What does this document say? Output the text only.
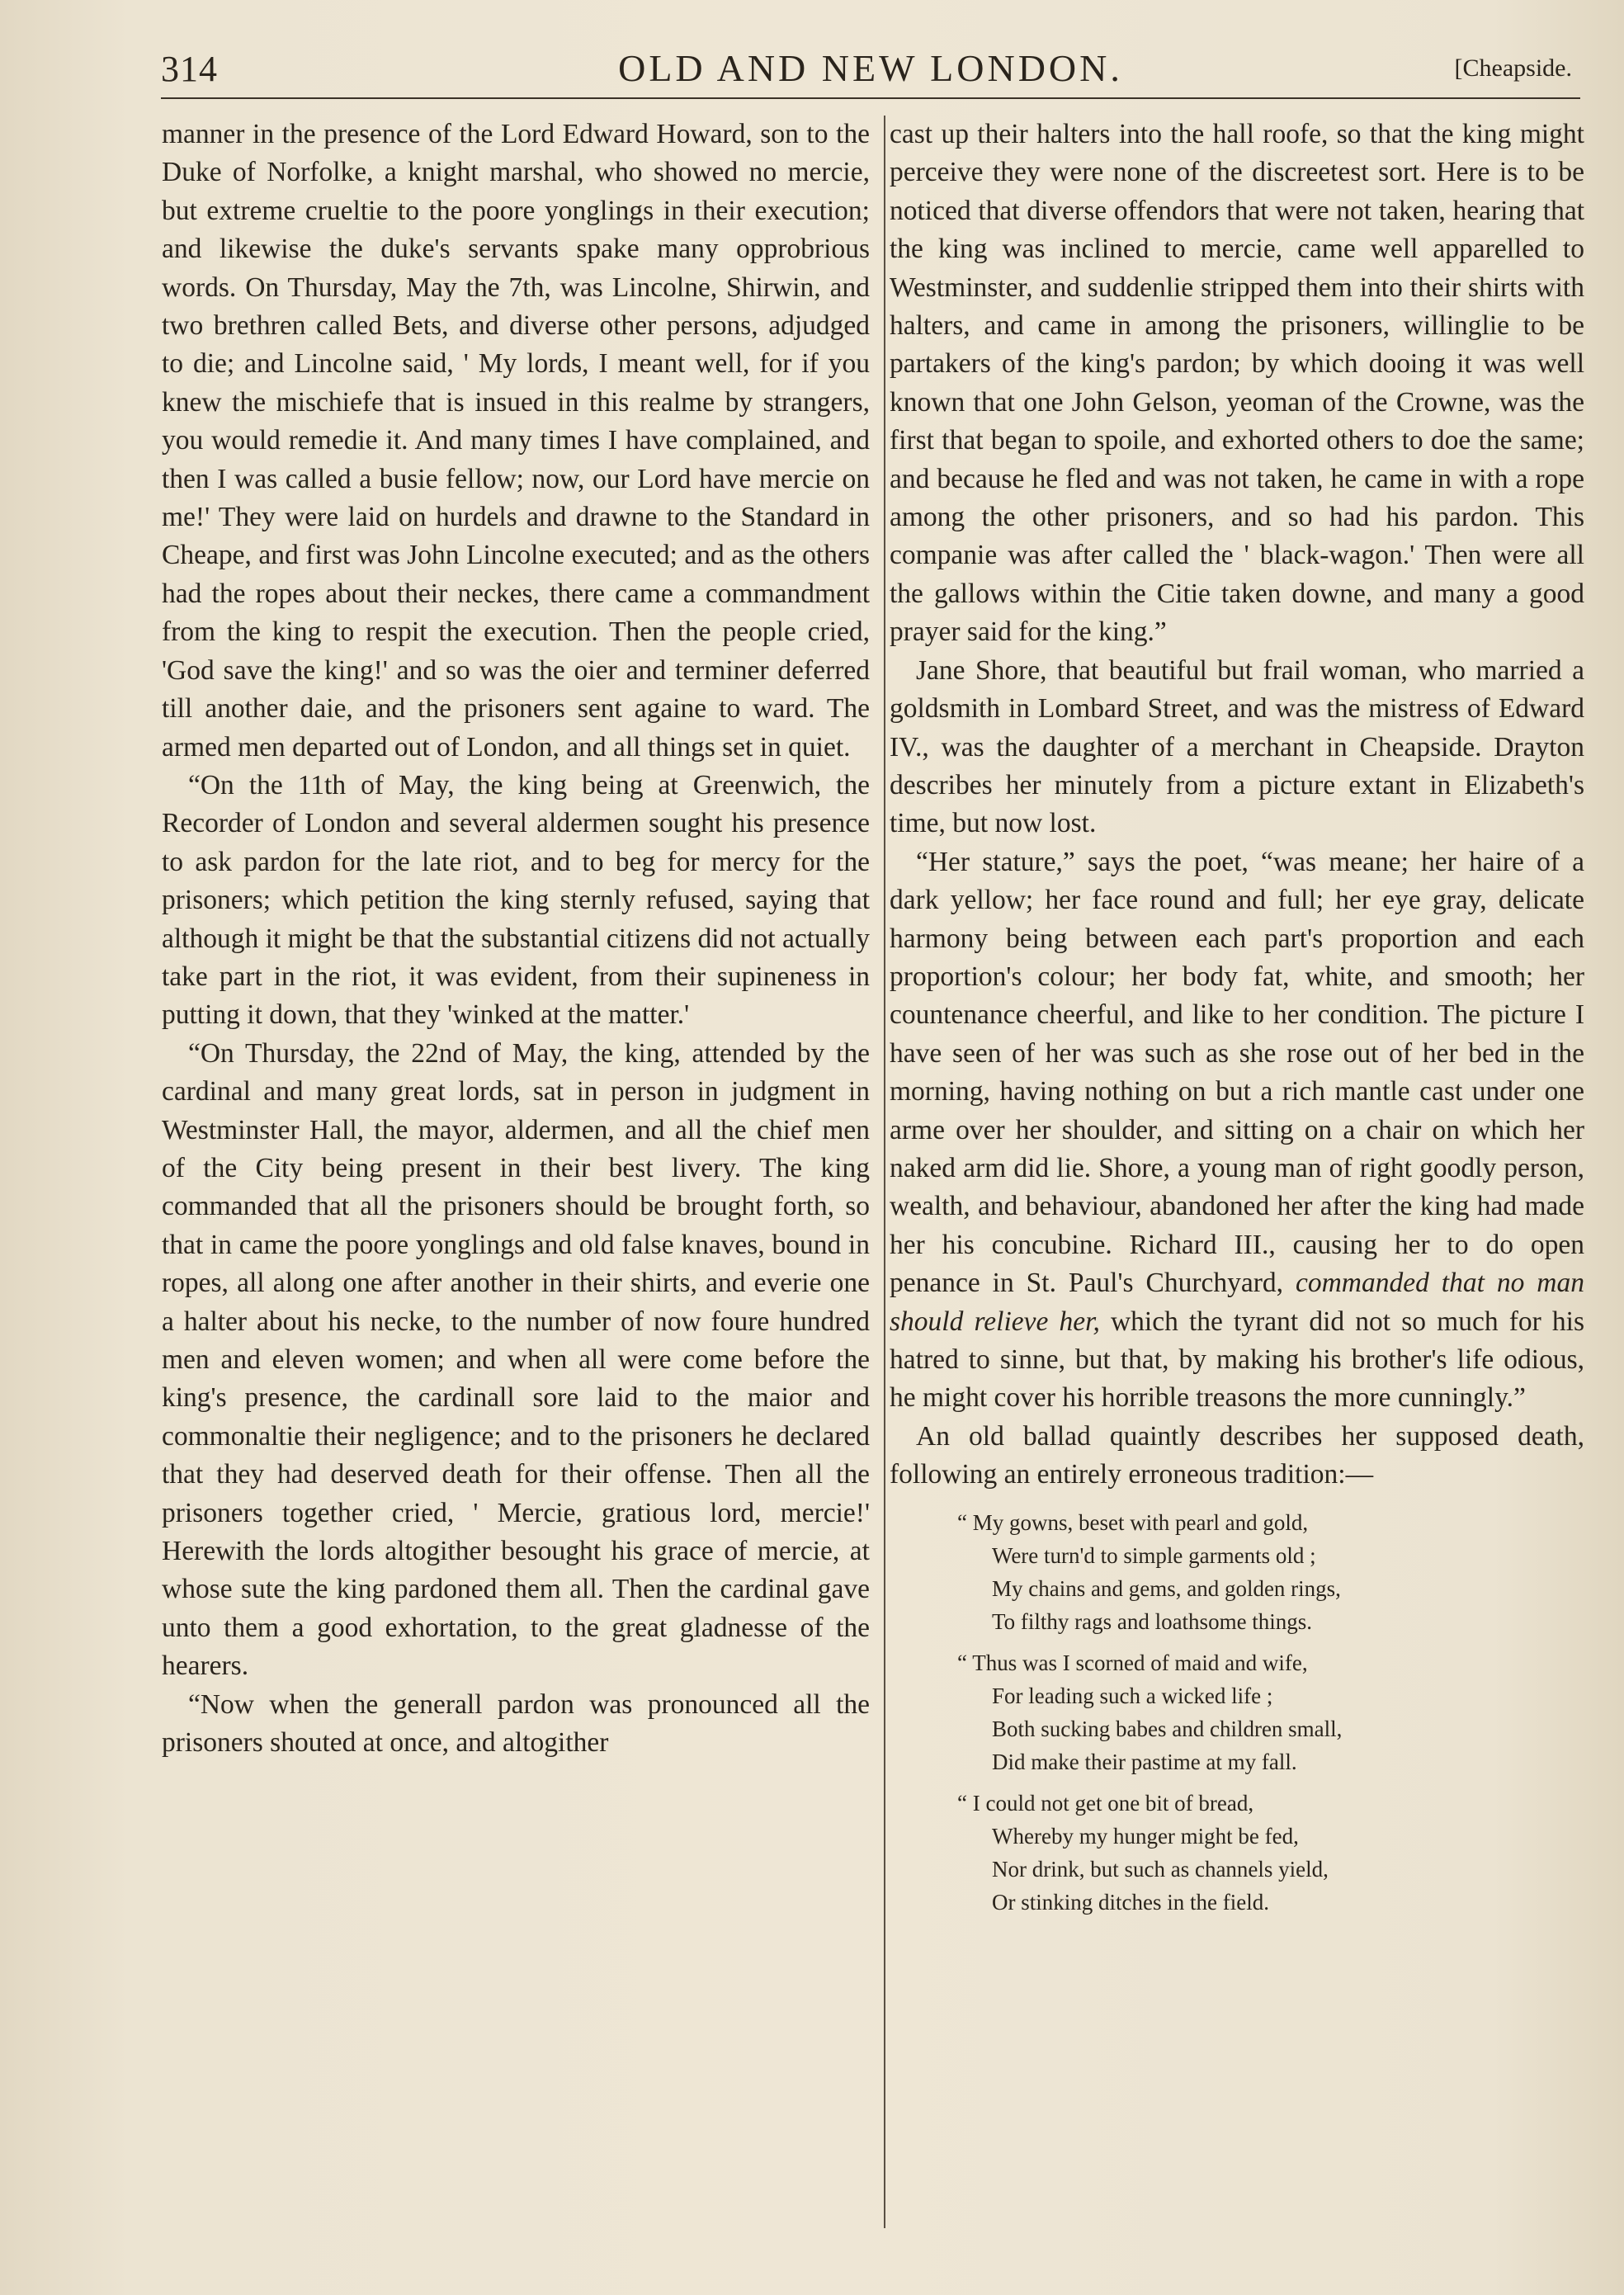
314	OLD AND NEW LONDON.	[Cheapside.

manner in the presence of the Lord Edward Howard, son to the Duke of Norfolke, a knight marshal, who showed no mercie, but extreme crueltie to the poore yonglings in their execution; and likewise the duke's servants spake many opprobrious words. On Thursday, May the 7th, was Lincolne, Shirwin, and two brethren called Bets, and diverse other persons, adjudged to die; and Lincolne said, ' My lords, I meant well, for if you knew the mischiefe that is insued in this realme by strangers, you would remedie it. And many times I have complained, and then I was called a busie fellow; now, our Lord have mercie on me!' They were laid on hurdels and drawne to the Standard in Cheape, and first was John Lincolne executed; and as the others had the ropes about their neckes, there came a commandment from the king to respit the execution. Then the people cried, 'God save the king!' and so was the oier and terminer deferred till another daie, and the prisoners sent againe to ward. The armed men departed out of London, and all things set in quiet.

“On the 11th of May, the king being at Greenwich, the Recorder of London and several aldermen sought his presence to ask pardon for the late riot, and to beg for mercy for the prisoners; which petition the king sternly refused, saying that although it might be that the substantial citizens did not actually take part in the riot, it was evident, from their supineness in putting it down, that they 'winked at the matter.'

“On Thursday, the 22nd of May, the king, attended by the cardinal and many great lords, sat in person in judgment in Westminster Hall, the mayor, aldermen, and all the chief men of the City being present in their best livery. The king commanded that all the prisoners should be brought forth, so that in came the poore yonglings and old false knaves, bound in ropes, all along one after another in their shirts, and everie one a halter about his necke, to the number of now foure hundred men and eleven women; and when all were come before the king's presence, the cardinall sore laid to the maior and commonaltie their negligence; and to the prisoners he declared that they had deserved death for their offense. Then all the prisoners together cried, ' Mercie, gratious lord, mercie!' Herewith the lords altogither besought his grace of mercie, at whose sute the king pardoned them all. Then the cardinal gave unto them a good exhortation, to the great gladnesse of the hearers.

“Now when the generall pardon was pronounced all the prisoners shouted at once, and altogither

cast up their halters into the hall roofe, so that the king might perceive they were none of the discreetest sort. Here is to be noticed that diverse offendors that were not taken, hearing that the king was inclined to mercie, came well apparelled to Westminster, and suddenlie stripped them into their shirts with halters, and came in among the prisoners, willinglie to be partakers of the king's pardon; by which dooing it was well known that one John Gelson, yeoman of the Crowne, was the first that began to spoile, and exhorted others to doe the same; and because he fled and was not taken, he came in with a rope among the other prisoners, and so had his pardon. This companie was after called the ' black-wagon.' Then were all the gallows within the Citie taken downe, and many a good prayer said for the king.”

Jane Shore, that beautiful but frail woman, who married a goldsmith in Lombard Street, and was the mistress of Edward IV., was the daughter of a merchant in Cheapside. Drayton describes her minutely from a picture extant in Elizabeth's time, but now lost.

“Her stature,” says the poet, “was meane; her haire of a dark yellow; her face round and full; her eye gray, delicate harmony being between each part's proportion and each proportion's colour; her body fat, white, and smooth; her countenance cheerful, and like to her condition. The picture I have seen of her was such as she rose out of her bed in the morning, having nothing on but a rich mantle cast under one arme over her shoulder, and sitting on a chair on which her naked arm did lie. Shore, a young man of right goodly person, wealth, and behaviour, abandoned her after the king had made her his concubine. Richard III., causing her to do open penance in St. Paul's Churchyard, commanded that no man should relieve her, which the tyrant did not so much for his hatred to sinne, but that, by making his brother's life odious, he might cover his horrible treasons the more cunningly.”

An old ballad quaintly describes her supposed death, following an entirely erroneous tradition:—

“ My gowns, beset with pearl and gold,
Were turn'd to simple garments old ;
My chains and gems, and golden rings,
To filthy rags and loathsome things.
“ Thus was I scorned of maid and wife,
For leading such a wicked life ;
Both sucking babes and children small,
Did make their pastime at my fall.
“ I could not get one bit of bread,
Whereby my hunger might be fed,
Nor drink, but such as channels yield,
Or stinking ditches in the field.
